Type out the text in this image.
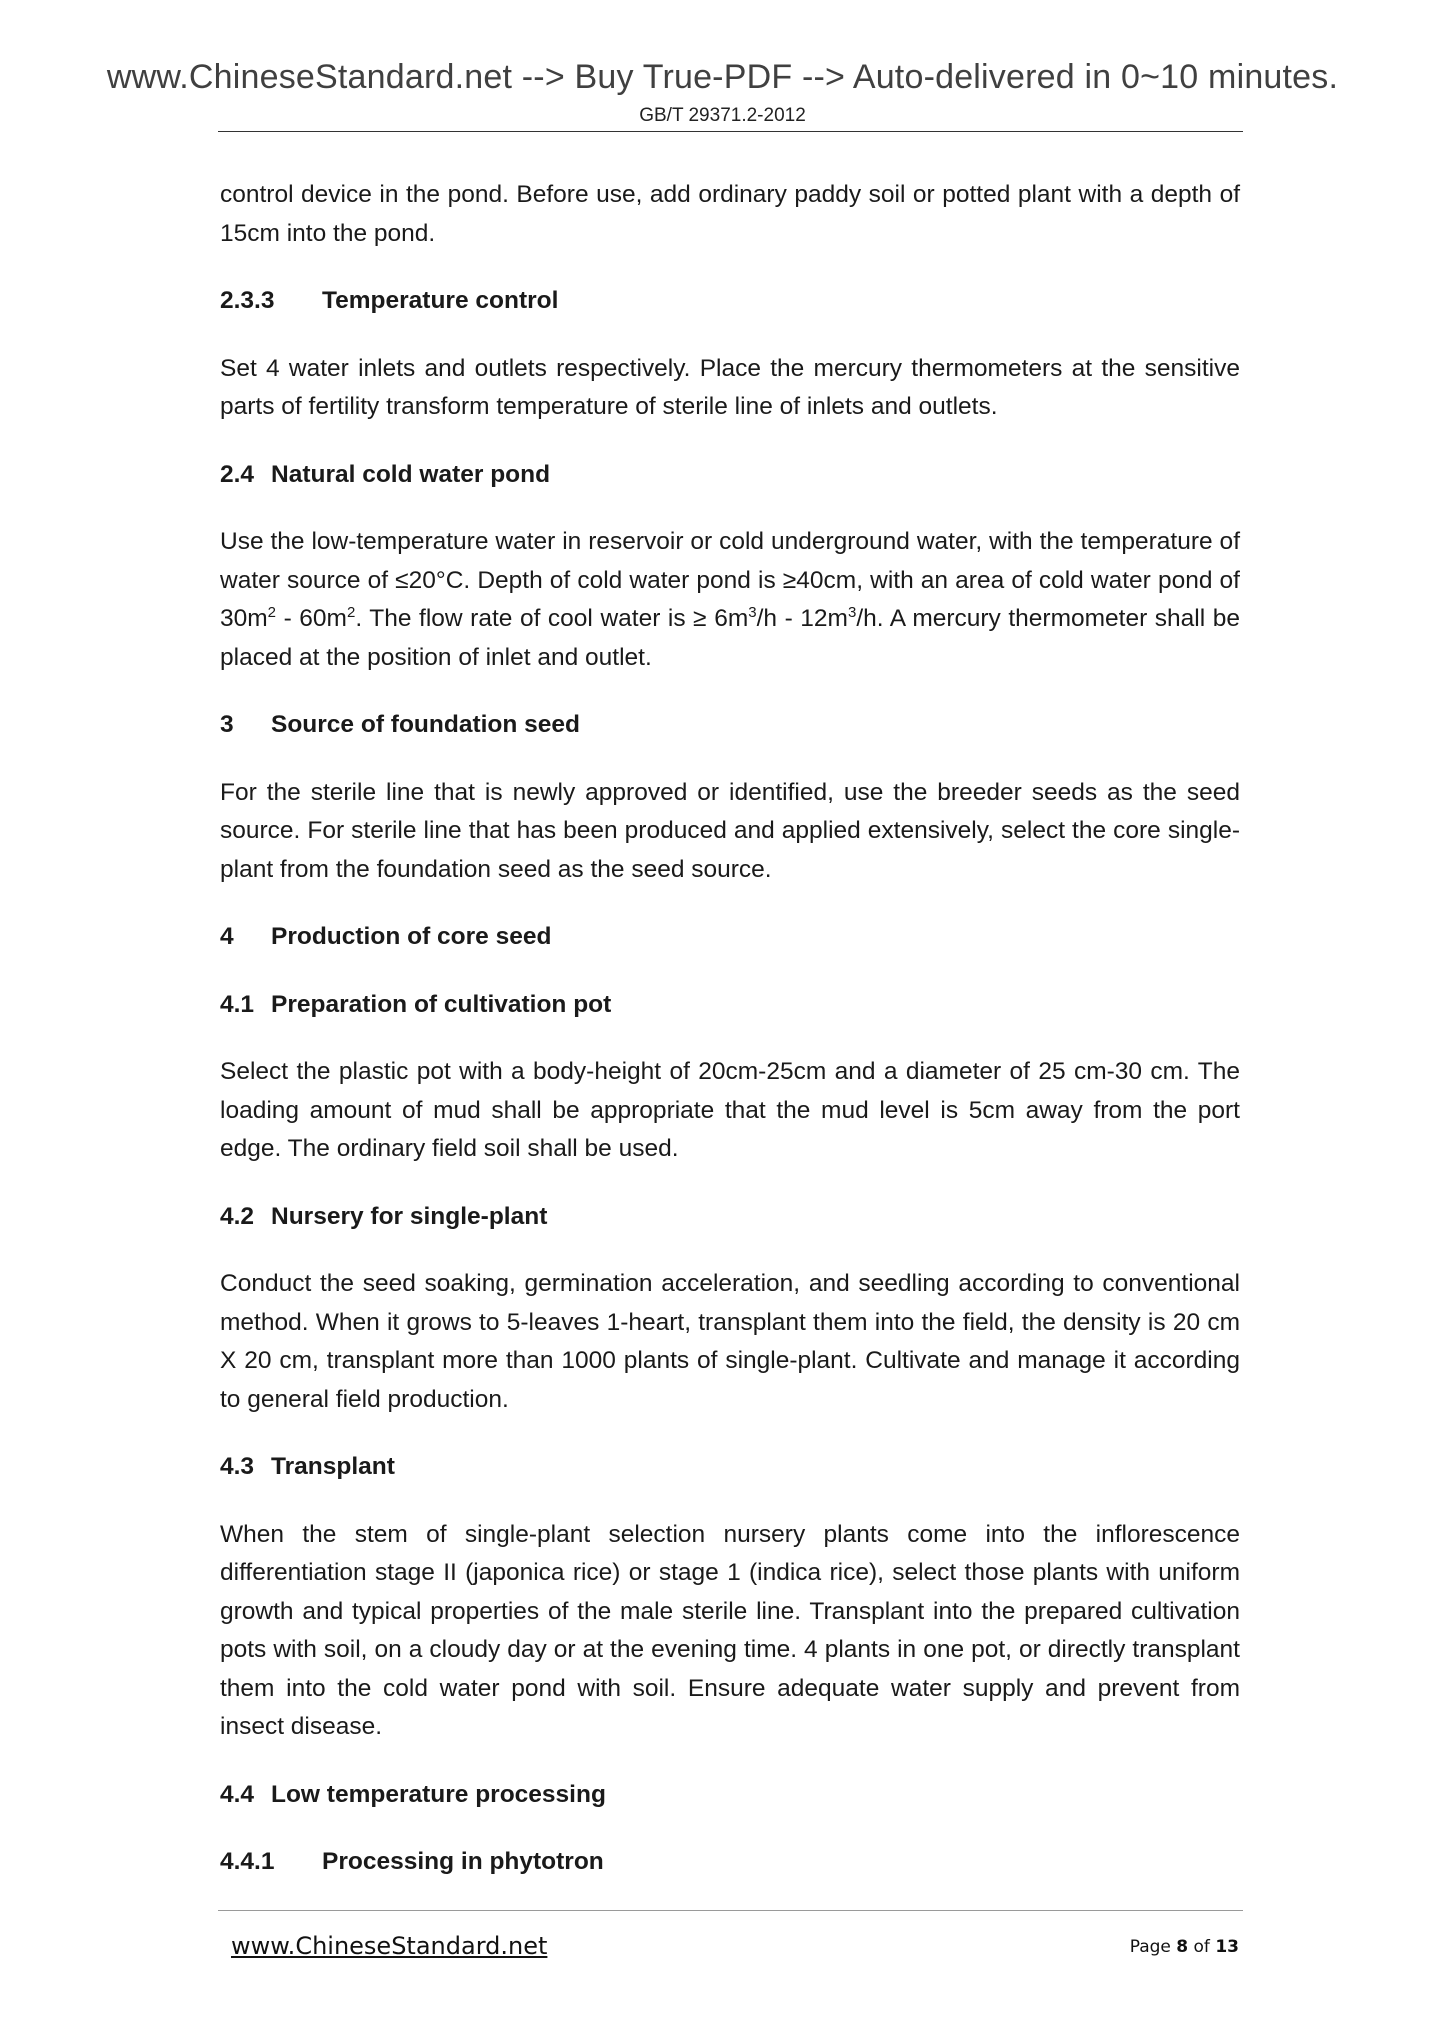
www.ChineseStandard.net --> Buy True-PDF --> Auto-delivered in 0~10 minutes.
GB/T 29371.2-2012

control device in the pond. Before use, add ordinary paddy soil or potted plant with a depth of 15cm into the pond.

2.3.3 Temperature control

Set 4 water inlets and outlets respectively. Place the mercury thermometers at the sensitive parts of fertility transform temperature of sterile line of inlets and outlets.

2.4 Natural cold water pond

Use the low-temperature water in reservoir or cold underground water, with the temperature of water source of ≤20°C. Depth of cold water pond is ≥40cm, with an area of cold water pond of $30m^2 - 60m^2$. The flow rate of cool water is ≥ $6m^3/h - 12m^3/h$. A mercury thermometer shall be placed at the position of inlet and outlet.

3 Source of foundation seed

For the sterile line that is newly approved or identified, use the breeder seeds as the seed source. For sterile line that has been produced and applied extensively, select the core single-plant from the foundation seed as the seed source.

4 Production of core seed
4.1 Preparation of cultivation pot

Select the plastic pot with a body-height of 20cm-25cm and a diameter of 25 cm-30 cm. The loading amount of mud shall be appropriate that the mud level is 5cm away from the port edge. The ordinary field soil shall be used.

4.2 Nursery for single-plant

Conduct the seed soaking, germination acceleration, and seedling according to conventional method. When it grows to 5-leaves 1-heart, transplant them into the field, the density is 20 cm X 20 cm, transplant more than 1000 plants of single-plant. Cultivate and manage it according to general field production.

4.3 Transplant

When the stem of single-plant selection nursery plants come into the inflorescence differentiation stage II (japonica rice) or stage 1 (indica rice), select those plants with uniform growth and typical properties of the male sterile line. Transplant into the prepared cultivation pots with soil, on a cloudy day or at the evening time. 4 plants in one pot, or directly transplant them into the cold water pond with soil. Ensure adequate water supply and prevent from insect disease.

4.4 Low temperature processing
4.4.1 Processing in phytotron
www.ChineseStandard.net	Page 8 of 13
